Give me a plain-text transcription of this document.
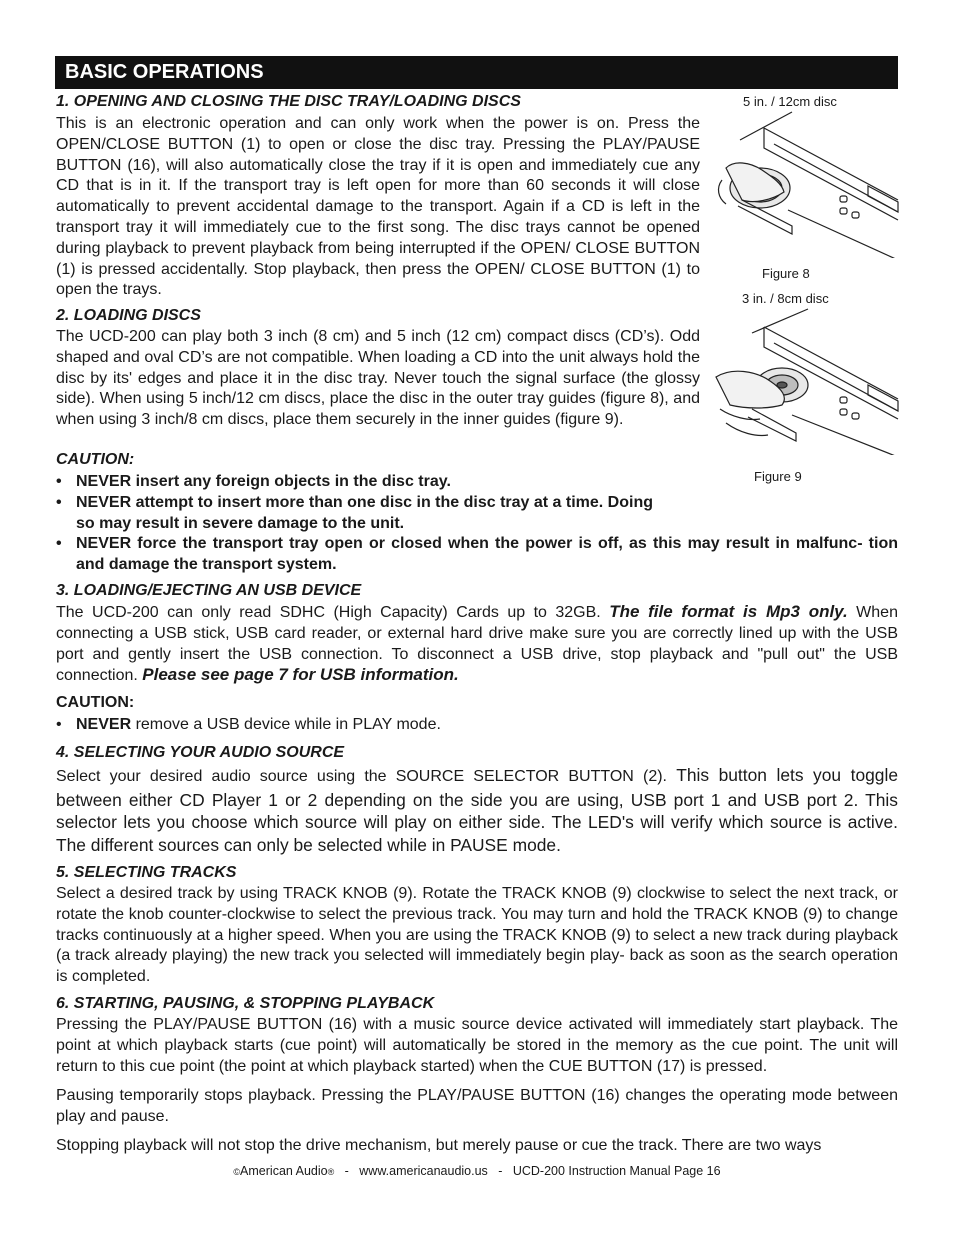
BASIC OPERATIONS
1. OPENING AND CLOSING THE DISC TRAY/LOADING DISCS
This is an electronic operation and can only work when the power is on. Press the OPEN/CLOSE BUTTON (1) to open or close the disc tray. Pressing the PLAY/PAUSE BUTTON (16), will also automatically close the tray if it is open and immediately cue any CD that is in it. If the transport tray is left open for more than 60 seconds it will close automatically to prevent accidental damage to the transport. Again if a CD is left in the transport tray it will immediately cue to the first song. The disc trays cannot be opened during playback to prevent playback from being interrupted if the OPEN/ CLOSE BUTTON (1) is pressed accidentally. Stop playback, then press the OPEN/ CLOSE BUTTON (1) to open the trays.
2. LOADING DISCS
The UCD-200 can play both 3 inch (8 cm) and 5 inch (12 cm) compact discs (CD’s). Odd shaped and oval CD’s are not compatible. When loading a CD into the unit always hold the disc by its' edges and place it in the disc tray. Never touch the signal surface (the glossy side). When using 5 inch/12 cm discs, place the disc in the outer tray guides (figure 8), and when using 3 inch/8 cm discs, place them securely in the inner guides (figure 9).
CAUTION:
• NEVER insert any foreign objects in the disc tray.
• NEVER attempt to insert more than one disc in the disc tray at a time. Doing so may result in severe damage to the unit.
• NEVER force the transport tray open or closed when the power is off, as this may result in malfunc- tion and damage the transport system.
5 in. / 12cm disc
Figure 8
3 in. / 8cm disc
Figure 9
3. LOADING/EJECTING AN USB DEVICE
The UCD-200 can only read SDHC (High Capacity) Cards up to 32GB. The file format is Mp3 only. When connecting a USB stick, USB card reader, or external hard drive make sure you are correctly lined up with the USB port and gently insert the USB connection. To disconnect a USB drive, stop playback and "pull out" the USB connection. Please see page 7 for USB information.
CAUTION:
• NEVER remove a USB device while in PLAY mode.
4. SELECTING YOUR AUDIO SOURCE
Select your desired audio source using the SOURCE SELECTOR BUTTON (2). This button lets you toggle between either CD Player 1 or 2 depending on the side you are using, USB port 1 and USB port 2. This selector lets you choose which source will play on either side. The LED's will verify which source is active. The different sources can only be selected while in PAUSE mode.
5. SELECTING TRACKS
Select a desired track by using TRACK KNOB (9). Rotate the TRACK KNOB (9) clockwise to select the next track, or rotate the knob counter-clockwise to select the previous track. You may turn and hold the TRACK KNOB (9) to change tracks continuously at a higher speed. When you are using the TRACK KNOB (9) to select a new track during playback (a track already playing) the new track you selected will immediately begin play- back as soon as the search operation is completed.
6. STARTING, PAUSING, & STOPPING PLAYBACK
Pressing the PLAY/PAUSE BUTTON (16) with a music source device activated will immediately start playback. The point at which playback starts (cue point) will automatically be stored in the memory as the cue point. The unit will return to this cue point (the point at which playback started) when the CUE BUTTON (17) is pressed.
Pausing temporarily stops playback. Pressing the PLAY/PAUSE BUTTON (16) changes the operating mode between play and pause.
Stopping playback will not stop the drive mechanism, but merely pause or cue the track. There are two ways
©American Audio® - www.americanaudio.us - UCD-200 Instruction Manual Page 16
